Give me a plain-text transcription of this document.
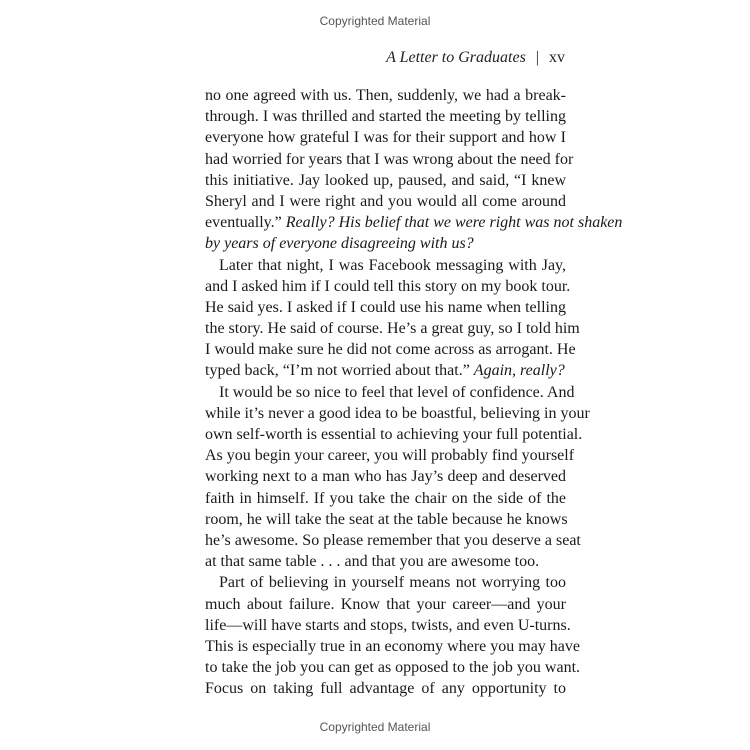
Copyrighted Material
A Letter to Graduates | xv
no one agreed with us. Then, suddenly, we had a break-
through. I was thrilled and started the meeting by telling
everyone how grateful I was for their support and how I
had worried for years that I was wrong about the need for
this initiative. Jay looked up, paused, and said, “I knew
Sheryl and I were right and you would all come around
eventually.” Really? His belief that we were right was not shaken
by years of everyone disagreeing with us?
Later that night, I was Facebook messaging with Jay,
and I asked him if I could tell this story on my book tour.
He said yes. I asked if I could use his name when telling
the story. He said of course. He’s a great guy, so I told him
I would make sure he did not come across as arrogant. He
typed back, “I’m not worried about that.” Again, really?
It would be so nice to feel that level of confidence. And
while it’s never a good idea to be boastful, believing in your
own self-worth is essential to achieving your full potential.
As you begin your career, you will probably find yourself
working next to a man who has Jay’s deep and deserved
faith in himself. If you take the chair on the side of the
room, he will take the seat at the table because he knows
he’s awesome. So please remember that you deserve a seat
at that same table . . . and that you are awesome too.
Part of believing in yourself means not worrying too
much about failure. Know that your career—and your
life—will have starts and stops, twists, and even U-turns.
This is especially true in an economy where you may have
to take the job you can get as opposed to the job you want.
Focus on taking full advantage of any opportunity to
Copyrighted Material
